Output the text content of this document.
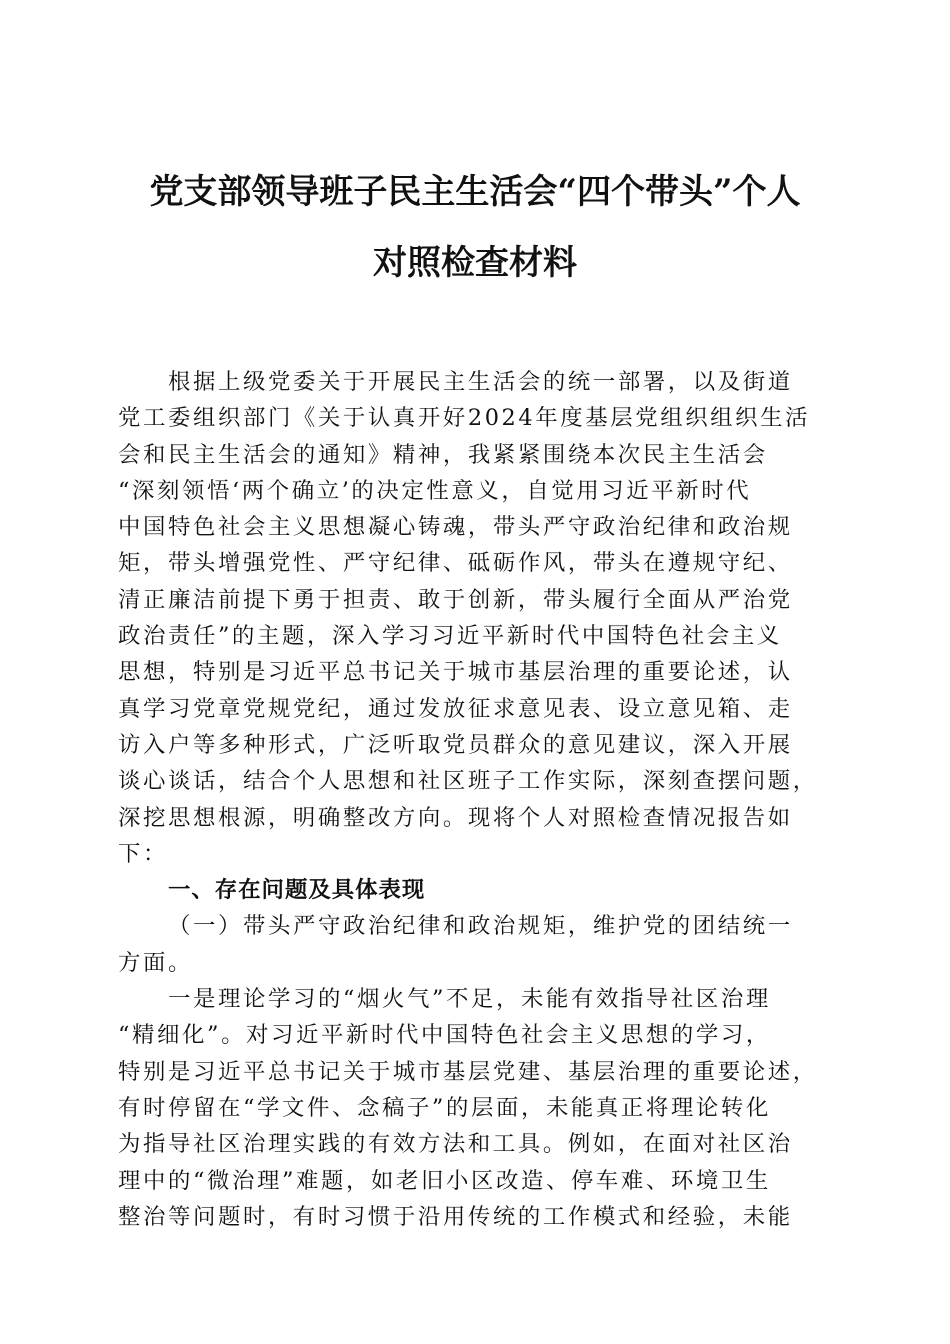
党支部领导班子民主生活会“四个带头”个人
对照检查材料
根据上级党委关于开展民主生活会的统一部署，以及街道
党工委组织部门《关于认真开好2024年度基层党组织组织生活
会和民主生活会的通知》精神，我紧紧围绕本次民主生活会
“深刻领悟‘两个确立’的决定性意义，自觉用习近平新时代
中国特色社会主义思想凝心铸魂，带头严守政治纪律和政治规
矩，带头增强党性、严守纪律、砥砺作风，带头在遵规守纪、
清正廉洁前提下勇于担责、敢于创新，带头履行全面从严治党
政治责任”的主题，深入学习习近平新时代中国特色社会主义
思想，特别是习近平总书记关于城市基层治理的重要论述，认
真学习党章党规党纪，通过发放征求意见表、设立意见箱、走
访入户等多种形式，广泛听取党员群众的意见建议，深入开展
谈心谈话，结合个人思想和社区班子工作实际，深刻查摆问题，
深挖思想根源，明确整改方向。现将个人对照检查情况报告如
下：
一、存在问题及具体表现
（一）带头严守政治纪律和政治规矩，维护党的团结统一
方面。
一是理论学习的“烟火气”不足，未能有效指导社区治理
“精细化”。对习近平新时代中国特色社会主义思想的学习，
特别是习近平总书记关于城市基层党建、基层治理的重要论述，
有时停留在“学文件、念稿子”的层面，未能真正将理论转化
为指导社区治理实践的有效方法和工具。例如，在面对社区治
理中的“微治理”难题，如老旧小区改造、停车难、环境卫生
整治等问题时，有时习惯于沿用传统的工作模式和经验，未能
